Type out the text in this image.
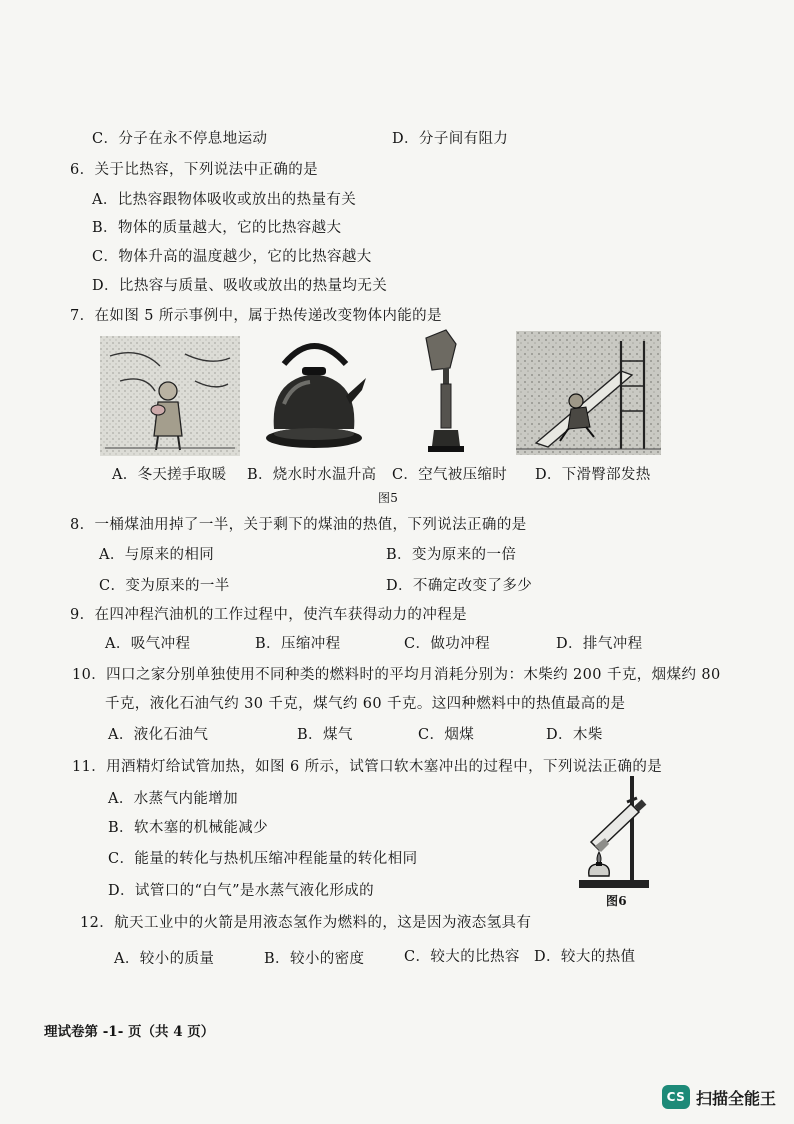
C．分子在永不停息地运动	D．分子间有阻力
6．关于比热容，下列说法中正确的是
A．比热容跟物体吸收或放出的热量有关
B．物体的质量越大，它的比热容越大
C．物体升高的温度越少，它的比热容越大
D．比热容与质量、吸收或放出的热量均无关
7．在如图 5 所示事例中，属于热传递改变物体内能的是
A．冬天搓手取暖 B．烧水时水温升高 C．空气被压缩时 D．下滑臀部发热
图5
8．一桶煤油用掉了一半，关于剩下的煤油的热值，下列说法正确的是
A．与原来的相同	B．变为原来的一倍
C．变为原来的一半	D．不确定改变了多少
9．在四冲程汽油机的工作过程中，使汽车获得动力的冲程是
A．吸气冲程	B．压缩冲程	C．做功冲程	D．排气冲程
10．四口之家分别单独使用不同种类的燃料时的平均月消耗分别为：木柴约 200 千克，烟煤约 80
千克，液化石油气约 30 千克，煤气约 60 千克。这四种燃料中的热值最高的是
A．液化石油气	B．煤气	C．烟煤	D．木柴
11．用酒精灯给试管加热，如图 6 所示，试管口软木塞冲出的过程中，下列说法正确的是
A．水蒸气内能增加
B．软木塞的机械能减少
C．能量的转化与热机压缩冲程能量的转化相同
D．试管口的“白气”是水蒸气液化形成的
图6
12．航天工业中的火箭是用液态氢作为燃料的，这是因为液态氢具有
A．较小的质量	B．较小的密度	C．较大的比热容 D．较大的热值
理试卷第 -1- 页（共 4 页）
CS 扫描全能王
